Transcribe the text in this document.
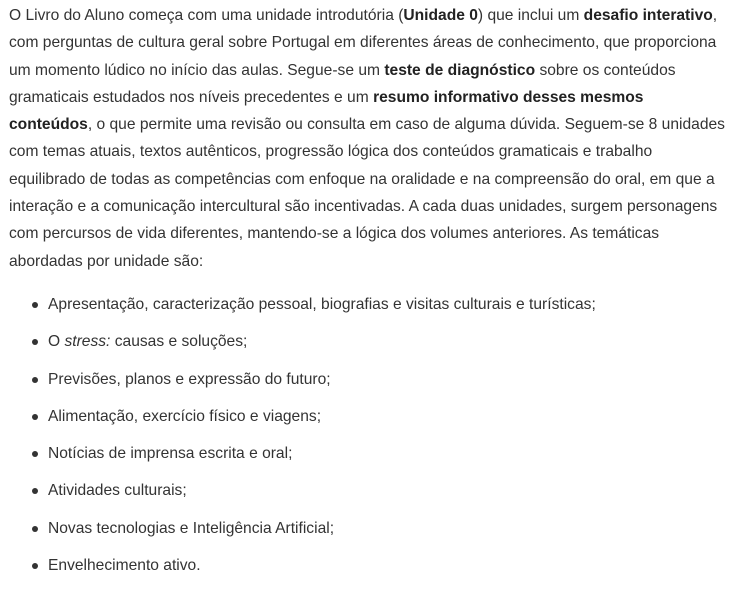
O Livro do Aluno começa com uma unidade introdutória (Unidade 0) que inclui um desafio interativo, com perguntas de cultura geral sobre Portugal em diferentes áreas de conhecimento, que proporciona um momento lúdico no início das aulas. Segue-se um teste de diagnóstico sobre os conteúdos gramaticais estudados nos níveis precedentes e um resumo informativo desses mesmos conteúdos, o que permite uma revisão ou consulta em caso de alguma dúvida. Seguem-se 8 unidades com temas atuais, textos autênticos, progressão lógica dos conteúdos gramaticais e trabalho equilibrado de todas as competências com enfoque na oralidade e na compreensão do oral, em que a interação e a comunicação intercultural são incentivadas. A cada duas unidades, surgem personagens com percursos de vida diferentes, mantendo-se a lógica dos volumes anteriores. As temáticas abordadas por unidade são:

Apresentação, caracterização pessoal, biografias e visitas culturais e turísticas;
O stress: causas e soluções;
Previsões, planos e expressão do futuro;
Alimentação, exercício físico e viagens;
Notícias de imprensa escrita e oral;
Atividades culturais;
Novas tecnologias e Inteligência Artificial;
Envelhecimento ativo.
